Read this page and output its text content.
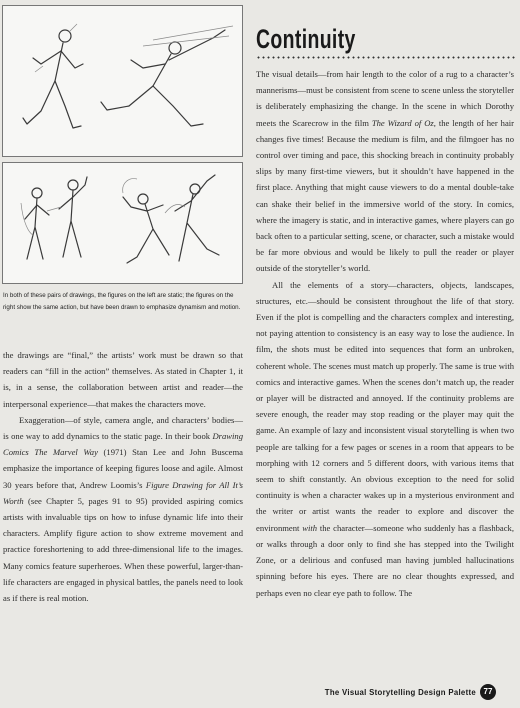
In both of these pairs of drawings, the figures on the left are static; the figures on the right show the same action, but have been drawn to emphasize dynamism and motion.

the drawings are “final,” the artists’ work must be drawn so that readers can “fill in the action” themselves. As stated in Chapter 1, it is, in a sense, the collaboration between artist and reader—the interpersonal experience—that makes the characters move.

Exaggeration—of style, camera angle, and characters’ bodies—is one way to add dynamics to the static page. In their book Drawing Comics The Marvel Way (1971) Stan Lee and John Buscema emphasize the importance of keeping figures loose and agile. Almost 30 years before that, Andrew Loomis’s Figure Drawing for All It’s Worth (see Chapter 5, pages 91 to 95) provided aspiring comics artists with invaluable tips on how to infuse dynamic life into their characters. Amplify figure action to show extreme movement and practice foreshortening to add three-dimensional life to the images. Many comics feature superheroes. When these powerful, larger-than-life characters are engaged in physical battles, the panels need to look as if there is real motion.

Continuity

The visual details—from hair length to the color of a rug to a character’s mannerisms—must be consistent from scene to scene unless the storyteller is deliberately emphasizing the change. In the scene in which Dorothy meets the Scarecrow in the film The Wizard of Oz, the length of her hair changes five times! Because the medium is film, and the filmgoer has no control over timing and pace, this shocking breach in continuity probably slips by many first-time viewers, but it shouldn’t have happened in the first place. Anything that might cause viewers to do a mental double-take can shake their belief in the immersive world of the story. In comics, where the imagery is static, and in interactive games, where players can go back often to a particular setting, scene, or character, such a mistake would be far more obvious and would be likely to pull the reader or player outside of the storyteller’s world.

All the elements of a story—characters, objects, landscapes, structures, etc.—should be consistent throughout the life of that story. Even if the plot is compelling and the characters complex and interesting, not paying attention to consistency is an easy way to lose the audience. In film, the shots must be edited into sequences that form an unbroken, coherent whole. The scenes must match up properly. The same is true with comics and interactive games. When the scenes don’t match up, the reader or player will be distracted and annoyed. If the continuity problems are severe enough, the reader may stop reading or the player may quit the game. An example of lazy and inconsistent visual storytelling is when two people are talking for a few pages or scenes in a room that appears to be morphing with 12 corners and 5 different doors, with various items that seem to shift constantly. An obvious exception to the need for solid continuity is when a character wakes up in a mysterious environment and the writer or artist wants the reader to explore and discover the environment with the character—someone who suddenly has a flashback, or walks through a door only to find she has stepped into the Twilight Zone, or a delirious and confused man having jumbled hallucinations spinning before his eyes. There are no clear thoughts expressed, and perhaps even no clear eye path to follow. The

The Visual Storytelling Design Palette 77
